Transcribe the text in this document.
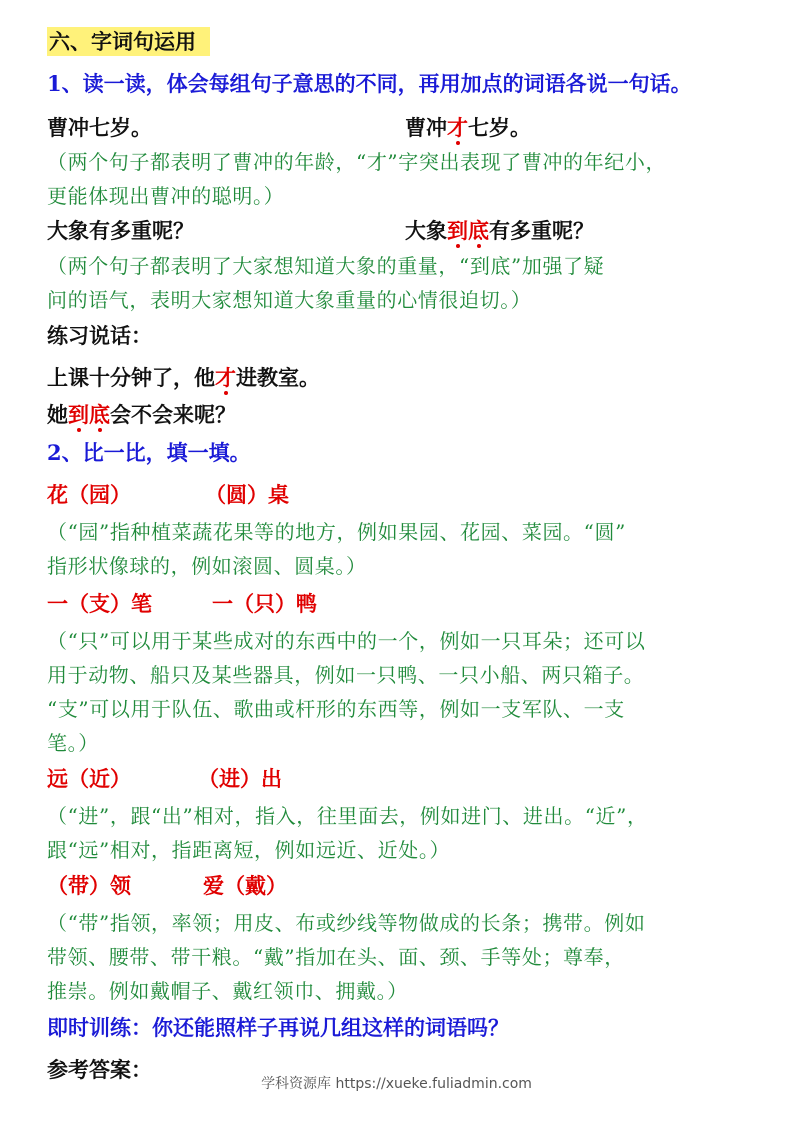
六、字词句运用
1、读一读，体会每组句子意思的不同，再用加点的词语各说一句话。
曹冲七岁。	曹冲才七岁。
（两个句子都表明了曹冲的年龄，“才”字突出表现了曹冲的年纪小，
更能体现出曹冲的聪明。）
大象有多重呢？	大象到底有多重呢？
（两个句子都表明了大家想知道大象的重量，“到底”加强了疑
问的语气，表明大家想知道大象重量的心情很迫切。）
练习说话：
上课十分钟了，他才进教室。
她到底会不会来呢？
2、比一比，填一填。
花（园）	（圆）桌
（“园”指种植菜蔬花果等的地方，例如果园、花园、菜园。“圆”
指形状像球的，例如滚圆、圆桌。）
一（支）笔	一（只）鸭
（“只”可以用于某些成对的东西中的一个，例如一只耳朵；还可以
用于动物、船只及某些器具，例如一只鸭、一只小船、两只箱子。
“支”可以用于队伍、歌曲或杆形的东西等，例如一支军队、一支
笔。）
远（近）	（进）出
（“进”，跟“出”相对，指入，往里面去，例如进门、进出。“近”，
跟“远”相对，指距离短，例如远近、近处。）
（带）领	爱（戴）
（“带”指领，率领；用皮、布或纱线等物做成的长条；携带。例如
带领、腰带、带干粮。“戴”指加在头、面、颈、手等处；尊奉，
推崇。例如戴帽子、戴红领巾、拥戴。）
即时训练：你还能照样子再说几组这样的词语吗？
参考答案：
学科资源库 https://xueke.fuliadmin.com
